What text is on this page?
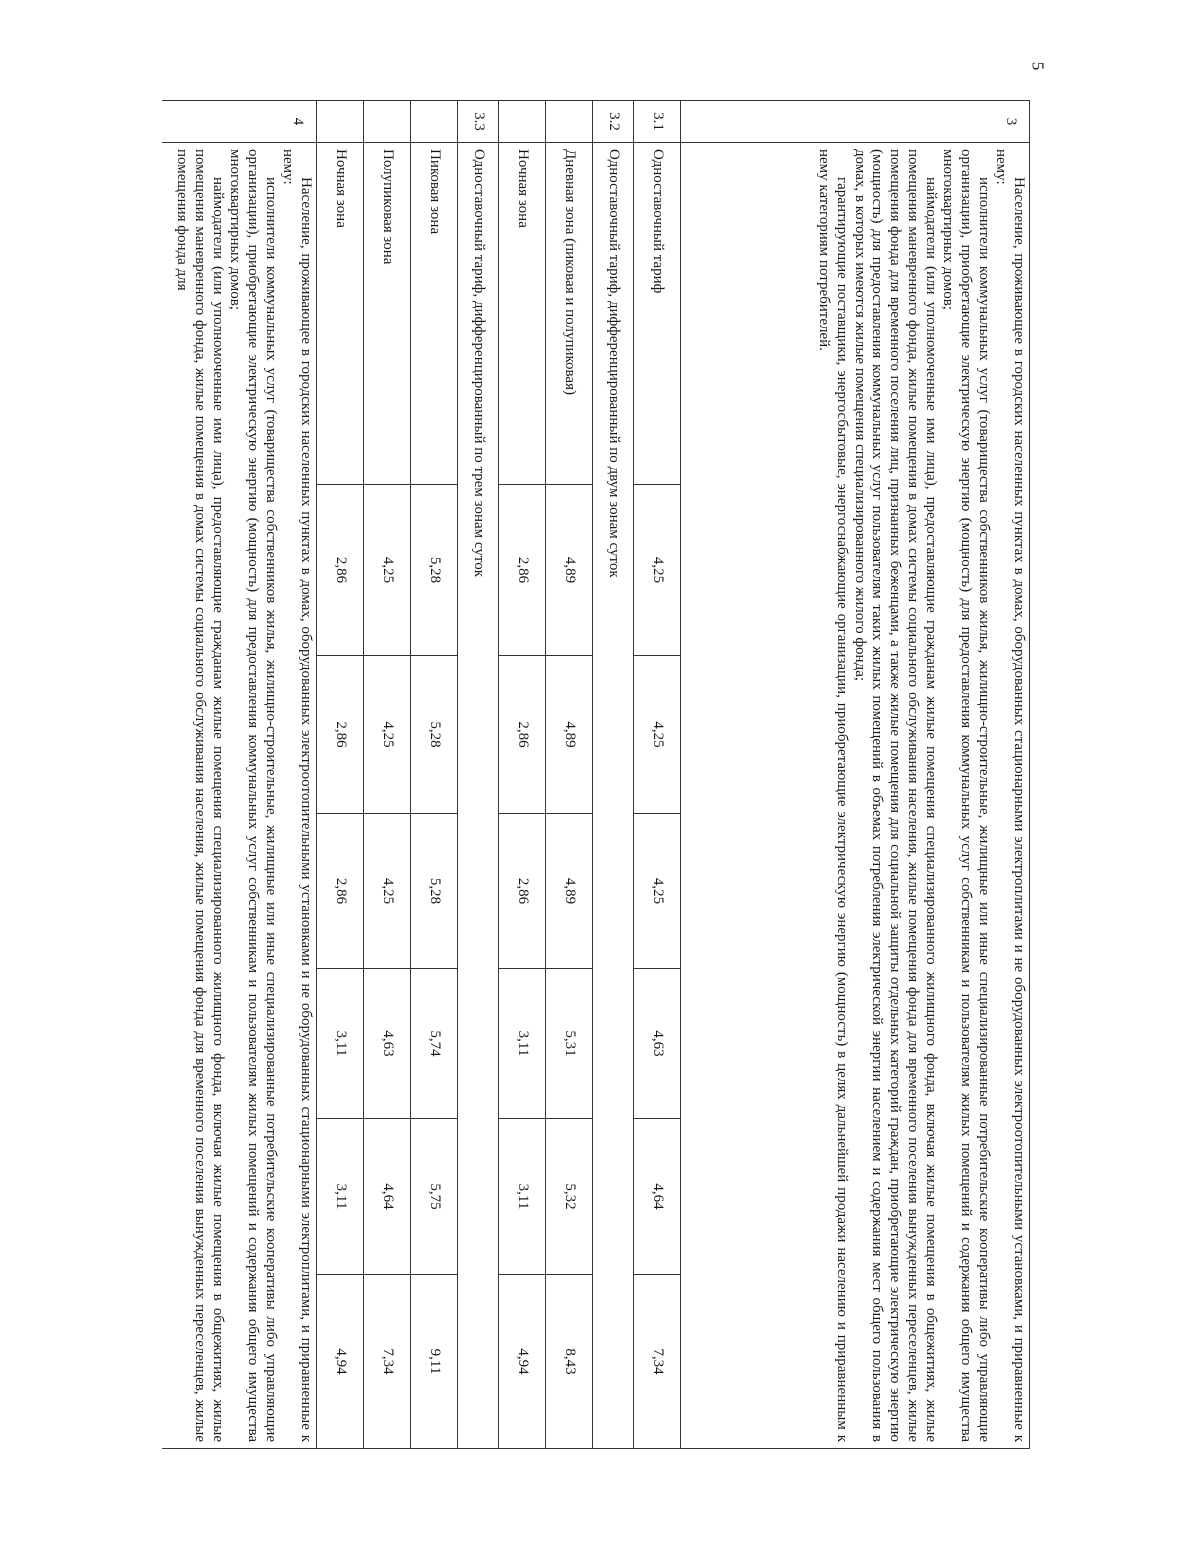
5
3	Население, проживающее в городских населенных пунктах в домах, оборудованных стационарными электроплитами и не оборудованных электроотопительными установками, и приравненные к нему:

исполнители коммунальных услуг (товарищества собственников жилья, жилищно-строительные, жилищные или иные специализированные потребительские кооперативы либо управляющие организации), приобретающие электрическую энергию (мощность) для предоставления коммунальных услуг собственникам и пользователям жилых помещений и содержания общего имущества многоквартирных домов;

наймодатели (или уполномоченные ими лица), предоставляющие гражданам жилые помещения специализированного жилищного фонда, включая жилые помещения в общежитиях, жилые помещения маневренного фонда, жилые помещения в домах системы социального обслуживания населения, жилые помещения фонда для временного поселения вынужденных переселенцев, жилые помещения фонда для временного поселения лиц, признанных беженцами, а также жилые помещения для социальной защиты отдельных категорий граждан, приобретающие электрическую энергию (мощность) для предоставления коммунальных услуг пользователям таких жилых помещений в объемах потребления электрической энергии населением и содержания мест общего пользования в домах, в которых имеются жилые помещения специализированного жилого фонда;

гарантирующие поставщики, энергосбытовые, энергоснабжающие организации, приобретающие электрическую энергию (мощность) в целях дальнейшей продажи населению и приравненным к нему категориям потребителей.						

3.1	Одноставочный тариф	4,25	4,25	4,25	4,63	4,64	7,34
3.2	Одноставочный тариф, дифференцированный по двум зонам суток						
	Дневная зона (пиковая и полупиковая)	4,89	4,89	4,89	5,31	5,32	8,43
	Ночная зона	2,86	2,86	2,86	3,11	3,11	4,94
3.3	Одноставочный тариф, дифференцированный по трем зонам суток						
	Пиковая зона	5,28	5,28	5,28	5,74	5,75	9,11
	Полупиковая зона	4,25	4,25	4,25	4,63	4,64	7,34
	Ночная зона	2,86	2,86	2,86	3,11	3,11	4,94
4	Население, проживающее в городских населенных пунктах в домах, оборудованных электроотопительными установками и не оборудованных стационарными электроплитами, и приравненные к нему:

исполнители коммунальных услуг (товарищества собственников жилья, жилищно-строительные, жилищные или иные специализированные потребительские кооперативы либо управляющие организации), приобретающие электрическую энергию (мощность) для предоставления коммунальных услуг собственникам и пользователям жилых помещений и содержания общего имущества многоквартирных домов;

наймодатели (или уполномоченные ими лица), предоставляющие гражданам жилые помещения специализированного жилищного фонда, включая жилые помещения в общежитиях, жилые помещения маневренного фонда, жилые помещения в домах системы социального обслуживания населения, жилые помещения фонда для временного поселения вынужденных переселенцев, жилые помещения фонда для						
